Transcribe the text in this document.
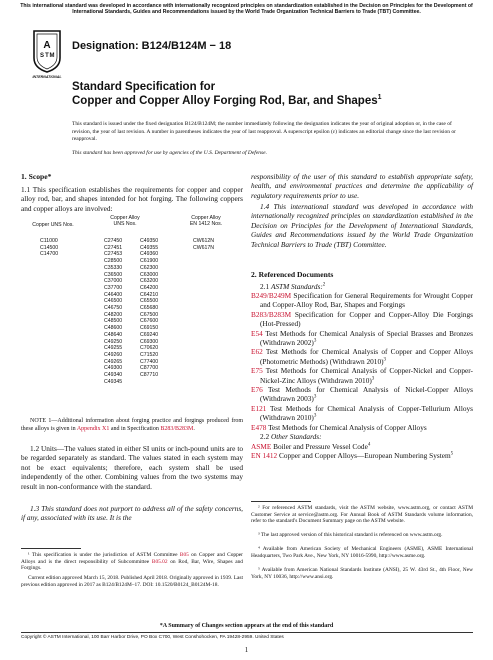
This international standard was developed in accordance with internationally recognized principles on standardization established in the Decision on Principles for the Development of International Standards, Guides and Recommendations issued by the World Trade Organization Technical Barriers to Trade (TBT) Committee.
A
S T M
INTERNATIONAL
Designation: B124/B124M − 18
Standard Specification for
Copper and Copper Alloy Forging Rod, Bar, and Shapes$^1$
This standard is issued under the fixed designation B124/B124M; the number immediately following the designation indicates the year of original adoption or, in the case of revision, the year of last revision. A number in parentheses indicates the year of last reapproval. A superscript epsilon (ε) indicates an editorial change since the last revision or reapproval.
This standard has been approved for use by agencies of the U.S. Department of Defense.
1. Scope*
1.1 This specification establishes the requirements for copper and copper alloy rod, bar, and shapes intended for hot forging. The following coppers and copper alloys are involved:
Copper UNS Nos.
Copper Alloy
UNS Nos.
Copper Alloy
EN 1412 Nos.
C11000
C14500
C14700
C27450
C27451
C27453
C28500
C35330
C36500
C37000
C37700
C46400
C46500
C46750
C48200
C48500
C48600
C48640
C49250
C49255
C49260
C49265
C49300
C49340
C49345
C49350
C49355
C49360
C61900
C62300
C63000
C63200
C64200
C64210
C65500
C65680
C67500
C67600
C69150
C69240
C69300
C70620
C71520
C77400
C87700
C87710
CW612N
CW617N
NOTE 1—Additional information about forging practice and forgings produced from these alloys is given in Appendix X1 and in Specification B283/B283M.
1.2 Units—The values stated in either SI units or inch-pound units are to be regarded separately as standard. The values stated in each system may not be exact equivalents; therefore, each system shall be used independently of the other. Combining values from the two systems may result in non-conformance with the standard.
1.3 This standard does not purport to address all of the safety concerns, if any, associated with its use. It is the
¹ This specification is under the jurisdiction of ASTM Committee B05 on Copper and Copper Alloys and is the direct responsibility of Subcommittee B05.02 on Rod, Bar, Wire, Shapes and Forgings.
Current edition approved March 15, 2018. Published April 2018. Originally approved in 1939. Last previous edition approved in 2017 as B124/B124M–17. DOI: 10.1520/B0124_B0124M-18.
responsibility of the user of this standard to establish appropriate safety, health, and environmental practices and determine the applicability of regulatory requirements prior to use.
1.4 This international standard was developed in accordance with internationally recognized principles on standardization established in the Decision on Principles for the Development of International Standards, Guides and Recommendations issued by the World Trade Organization Technical Barriers to Trade (TBT) Committee.
2. Referenced Documents
2.1 ASTM Standards:$^2$
B249/B249M Specification for General Requirements for Wrought Copper and Copper-Alloy Rod, Bar, Shapes and Forgings
B283/B283M Specification for Copper and Copper-Alloy Die Forgings (Hot-Pressed)
E54 Test Methods for Chemical Analysis of Special Brasses and Bronzes (Withdrawn 2002)$^3$
E62 Test Methods for Chemical Analysis of Copper and Copper Alloys (Photometric Methods) (Withdrawn 2010)$^3$
E75 Test Methods for Chemical Analysis of Copper-Nickel and Copper-Nickel-Zinc Alloys (Withdrawn 2010)$^3$
E76 Test Methods for Chemical Analysis of Nickel-Copper Alloys (Withdrawn 2003)$^3$
E121 Test Methods for Chemical Analysis of Copper-Tellurium Alloys (Withdrawn 2010)$^3$
E478 Test Methods for Chemical Analysis of Copper Alloys
2.2 Other Standards:
ASME Boiler and Pressure Vessel Code$^4$
EN 1412 Copper and Copper Alloys—European Numbering System$^5$
² For referenced ASTM standards, visit the ASTM website, www.astm.org, or contact ASTM Customer Service at service@astm.org. For Annual Book of ASTM Standards volume information, refer to the standard's Document Summary page on the ASTM website.
³ The last approved version of this historical standard is referenced on www.astm.org.
⁴ Available from American Society of Mechanical Engineers (ASME), ASME International Headquarters, Two Park Ave., New York, NY 10016-5990, http://www.asme.org.
⁵ Available from American National Standards Institute (ANSI), 25 W. 43rd St., 4th Floor, New York, NY 10036, http://www.ansi.org.
*A Summary of Changes section appears at the end of this standard
Copyright © ASTM International, 100 Barr Harbor Drive, PO Box C700, West Conshohocken, PA 19428-2959. United States
1
